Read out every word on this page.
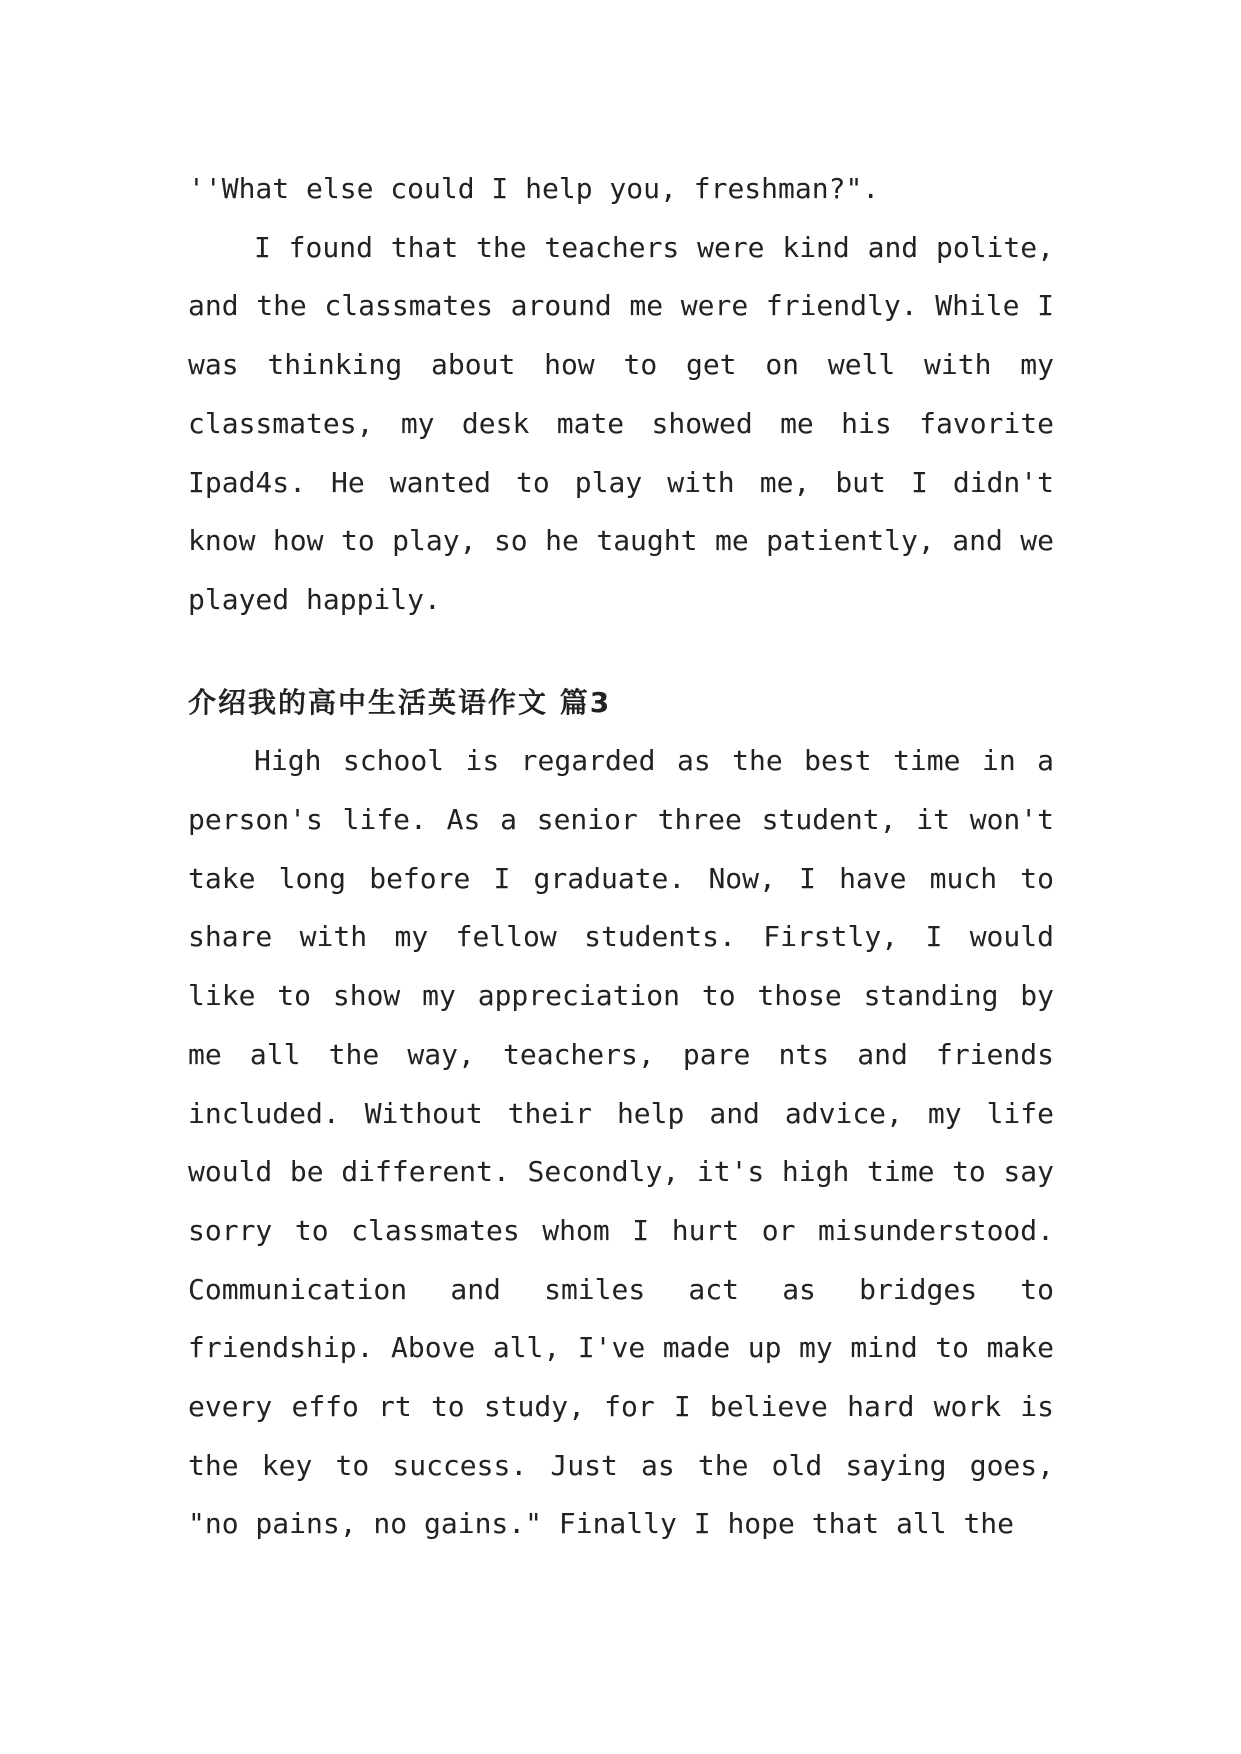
''What else could I help you, freshman?".

I found that the teachers were kind and polite, and the classmates around me were friendly. While I was thinking about how to get on well with my classmates, my desk mate showed me his favorite Ipad4s. He wanted to play with me, but I didn't know how to play, so he taught me patiently, and we played happily.

介绍我的高中生活英语作文 篇3

High school is regarded as the best time in a person's life. As a senior three student, it won't take long before I graduate. Now, I have much to share with my fellow students. Firstly, I would like to show my appreciation to those standing by me all the way, teachers, pare nts and friends included. Without their help and advice, my life would be different. Secondly, it's high time to say sorry to classmates whom I hurt or misunderstood. Communication and smiles act as bridges to friendship. Above all, I've made up my mind to make every effo rt to study, for I believe hard work is the key to success. Just as the old saying goes, "no pains, no gains." Finally I hope that all the
